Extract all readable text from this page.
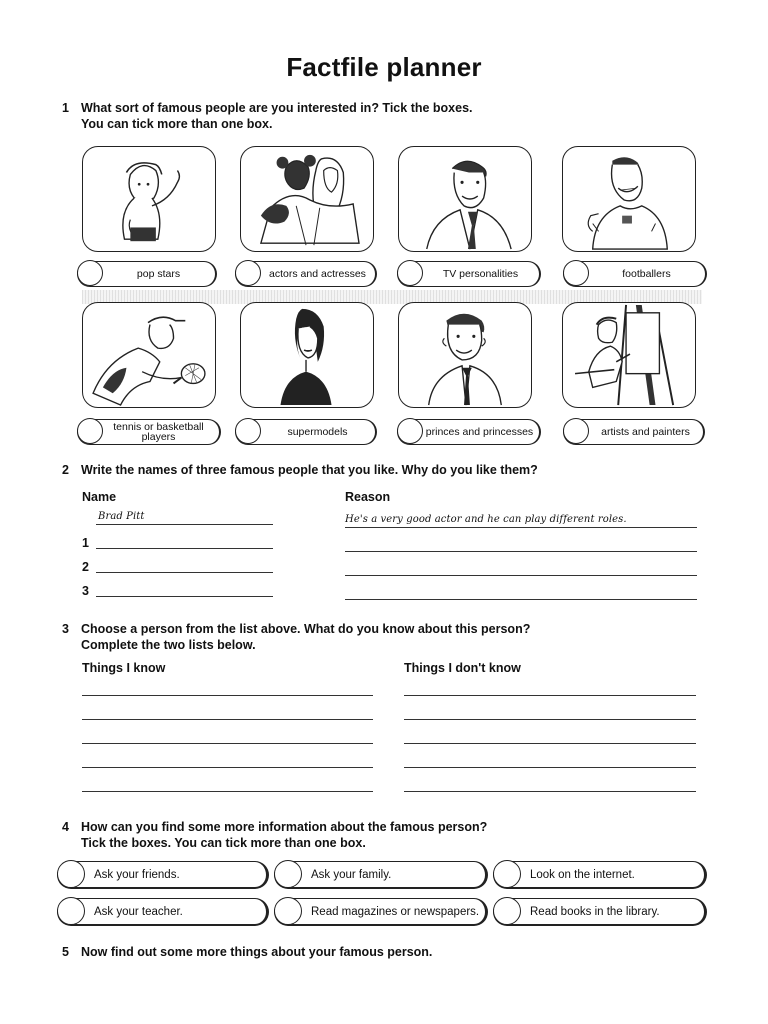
Factfile planner
1 What sort of famous people are you interested in? Tick the boxes.
You can tick more than one box.
pop stars	actors and actresses	TV personalities	footballers
tennis or basketball players	supermodels	princes and princesses	artists and painters
2 Write the names of three famous people that you like. Why do you like them?
Name	Reason
Brad Pitt	He's a very good actor and he can play different roles.
1
2
3
3 Choose a person from the list above. What do you know about this person?
Complete the two lists below.
Things I know	Things I don't know
4 How can you find some more information about the famous person?
Tick the boxes. You can tick more than one box.
Ask your friends.	Ask your family.	Look on the internet.
Ask your teacher.	Read magazines or newspapers.	Read books in the library.
5 Now find out some more things about your famous person.
